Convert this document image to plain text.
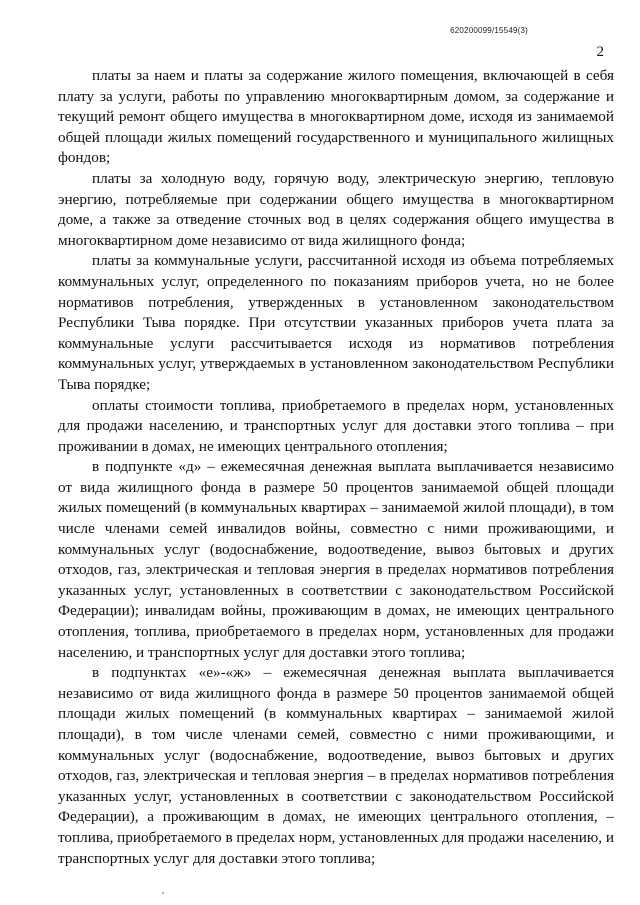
620200099/15549(3)
2

платы за наем и платы за содержание жилого помещения, включающей в себя плату за услуги, работы по управлению многоквартирным домом, за содержание и текущий ремонт общего имущества в многоквартирном доме, исходя из занимаемой общей площади жилых помещений государственного и муниципального жилищных фондов;

платы за холодную воду, горячую воду, электрическую энергию, тепловую энергию, потребляемые при содержании общего имущества в многоквартирном доме, а также за отведение сточных вод в целях содержания общего имущества в многоквартирном доме независимо от вида жилищного фонда;

платы за коммунальные услуги, рассчитанной исходя из объема потребляемых коммунальных услуг, определенного по показаниям приборов учета, но не более нормативов потребления, утвержденных в установленном законодательством Республики Тыва порядке. При отсутствии указанных приборов учета плата за коммунальные услуги рассчитывается исходя из нормативов потребления коммунальных услуг, утверждаемых в установленном законодательством Республики Тыва порядке;

оплаты стоимости топлива, приобретаемого в пределах норм, установленных для продажи населению, и транспортных услуг для доставки этого топлива – при проживании в домах, не имеющих центрального отопления;

в подпункте «д» – ежемесячная денежная выплата выплачивается независимо от вида жилищного фонда в размере 50 процентов занимаемой общей площади жилых помещений (в коммунальных квартирах – занимаемой жилой площади), в том числе членами семей инвалидов войны, совместно с ними проживающими, и коммунальных услуг (водоснабжение, водоотведение, вывоз бытовых и других отходов, газ, электрическая и тепловая энергия в пределах нормативов потребления указанных услуг, установленных в соответствии с законодательством Российской Федерации); инвалидам войны, проживающим в домах, не имеющих центрального отопления, топлива, приобретаемого в пределах норм, установленных для продажи населению, и транспортных услуг для доставки этого топлива;

в подпунктах «е»-«ж» – ежемесячная денежная выплата выплачивается независимо от вида жилищного фонда в размере 50 процентов занимаемой общей площади жилых помещений (в коммунальных квартирах – занимаемой жилой площади), в том числе членами семей, совместно с ними проживающими, и коммунальных услуг (водоснабжение, водоотведение, вывоз бытовых и других отходов, газ, электрическая и тепловая энергия – в пределах нормативов потребления указанных услуг, установленных в соответствии с законодательством Российской Федерации), а проживающим в домах, не имеющих центрального отопления, – топлива, приобретаемого в пределах норм, установленных для продажи населению, и транспортных услуг для доставки этого топлива;
